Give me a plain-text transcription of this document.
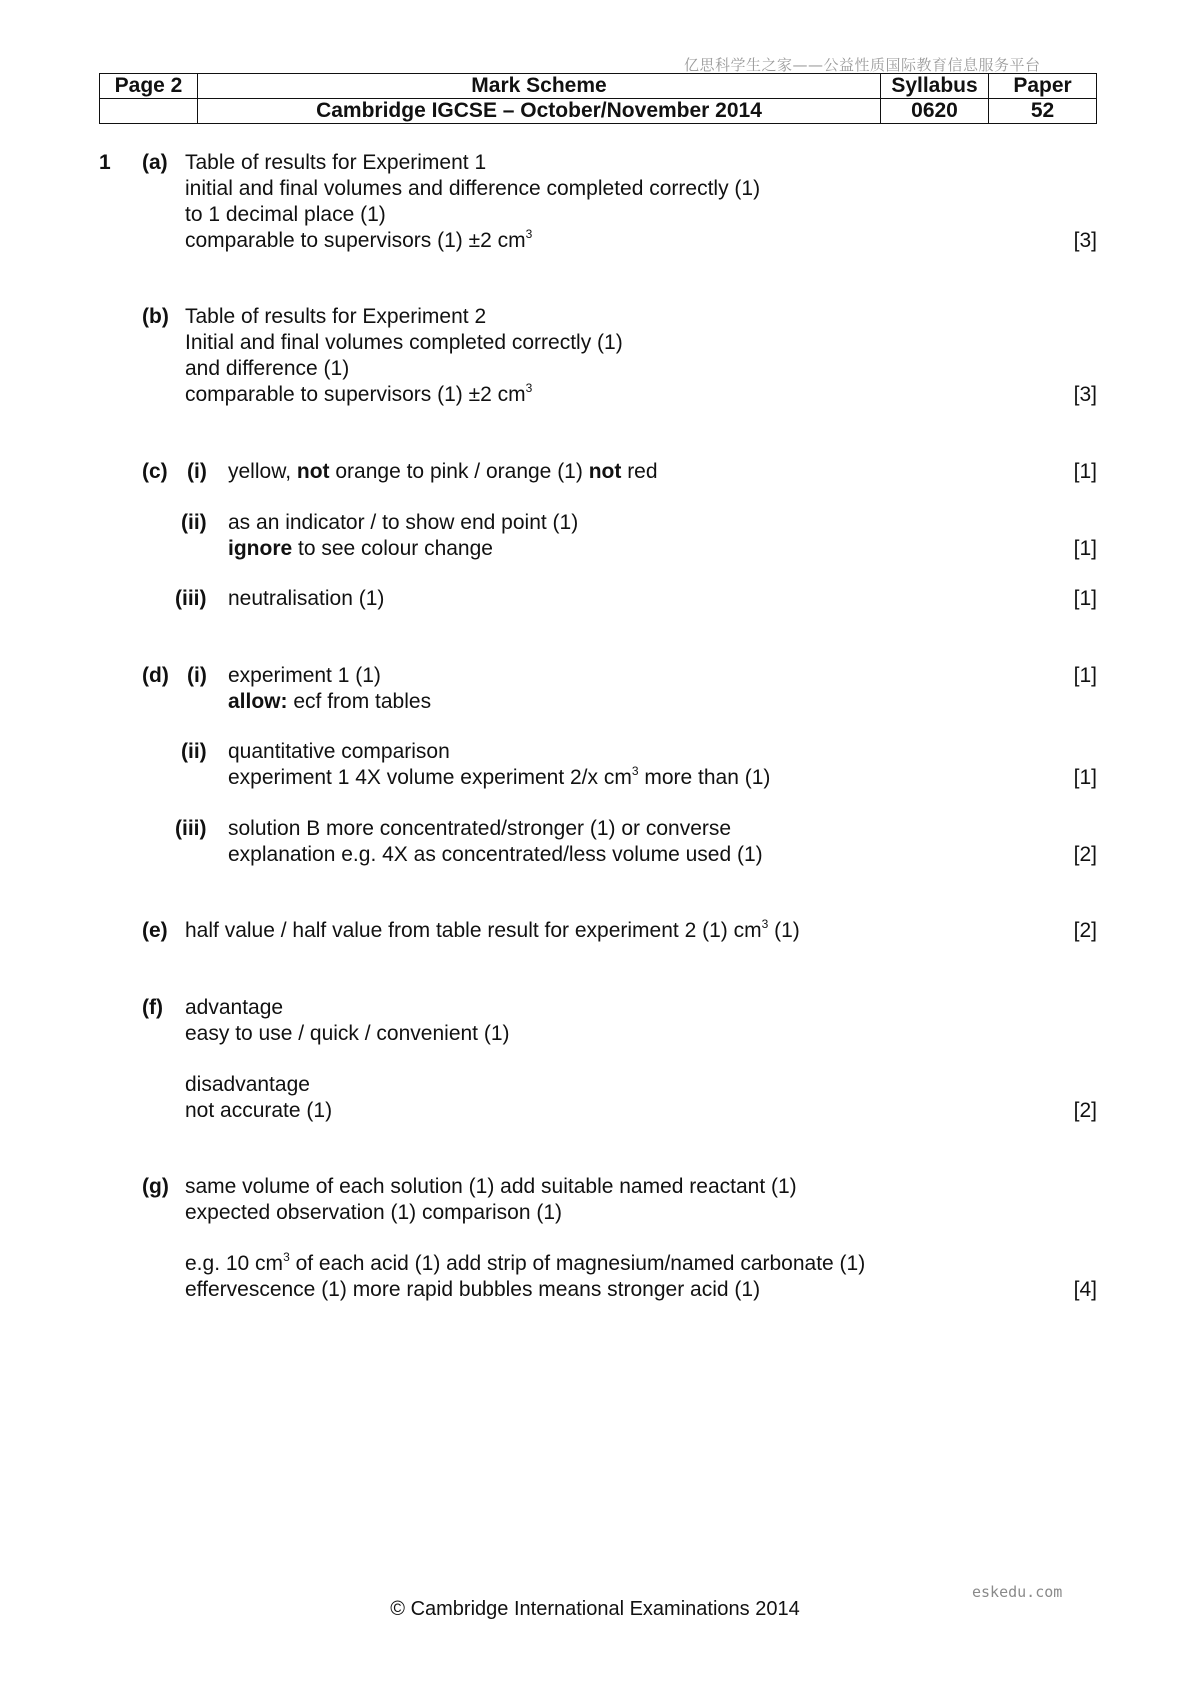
亿思科学生之家——公益性质国际教育信息服务平台
Page 2	Mark Scheme	Syllabus	Paper
	Cambridge IGCSE – October/November 2014	0620	52
1 (a) Table of results for Experiment 1
initial and final volumes and difference completed correctly (1)
to 1 decimal place (1)
comparable to supervisors (1) ±2 $cm^3$	[3]
(b) Table of results for Experiment 2
Initial and final volumes completed correctly (1)
and difference (1)
comparable to supervisors (1) ±2 $cm^3$	[3]
(c) (i) yellow, not orange to pink / orange (1) not red	[1]
(ii) as an indicator / to show end point (1)
ignore to see colour change	[1]
(iii) neutralisation (1)	[1]
(d) (i) experiment 1 (1)	[1]
allow: ecf from tables
(ii) quantitative comparison
experiment 1 4X volume experiment 2/x $cm^3$ more than (1)	[1]
(iii) solution B more concentrated/stronger (1) or converse
explanation e.g. 4X as concentrated/less volume used (1)	[2]
(e) half value / half value from table result for experiment 2 (1) $cm^3$ (1)	[2]
(f) advantage
easy to use / quick / convenient (1)
disadvantage
not accurate (1)	[2]
(g) same volume of each solution (1) add suitable named reactant (1)
expected observation (1) comparison (1)
e.g. 10 $cm^3$ of each acid (1) add strip of magnesium/named carbonate (1)
effervescence (1) more rapid bubbles means stronger acid (1)	[4]
eskedu.com
© Cambridge International Examinations 2014
